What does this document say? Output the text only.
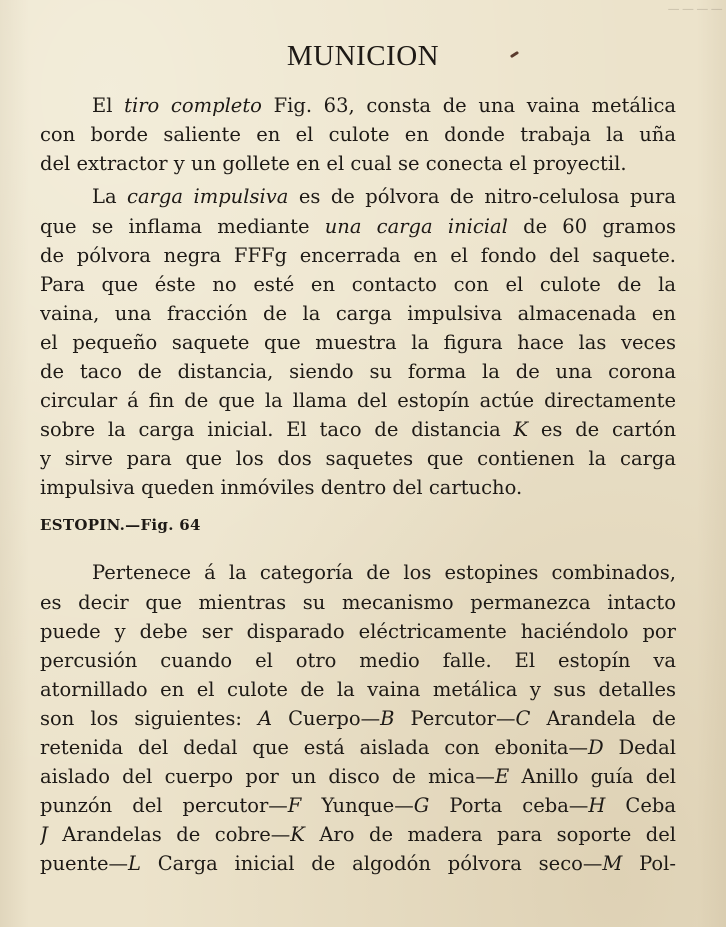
─ ─ ─ ─
MUNICION
El tiro completo Fig. 63, consta de una vaina metálica
con borde saliente en el culote en donde trabaja la uña
del extractor y un gollete en el cual se conecta el proyectil.
La carga impulsiva es de pólvora de nitro-celulosa pura
que se inflama mediante una carga inicial de 60 gramos
de pólvora negra FFFg encerrada en el fondo del saquete.
Para que éste no esté en contacto con el culote de la
vaina, una fracción de la carga impulsiva almacenada en
el pequeño saquete que muestra la figura hace las veces
de taco de distancia, siendo su forma la de una corona
circular á fin de que la llama del estopín actúe directamente
sobre la carga inicial. El taco de distancia K es de cartón
y sirve para que los dos saquetes que contienen la carga
impulsiva queden inmóviles dentro del cartucho.
ESTOPIN.—Fig. 64
Pertenece á la categoría de los estopines combinados,
es decir que mientras su mecanismo permanezca intacto
puede y debe ser disparado eléctricamente haciéndolo por
percusión cuando el otro medio falle. El estopín va
atornillado en el culote de la vaina metálica y sus detalles
son los siguientes: A Cuerpo—B Percutor—C Arandela de
retenida del dedal que está aislada con ebonita—D Dedal
aislado del cuerpo por un disco de mica—E Anillo guía del
punzón del percutor—F Yunque—G Porta ceba—H Ceba
J Arandelas de cobre—K Aro de madera para soporte del
puente—L Carga inicial de algodón pólvora seco—M Pol-
